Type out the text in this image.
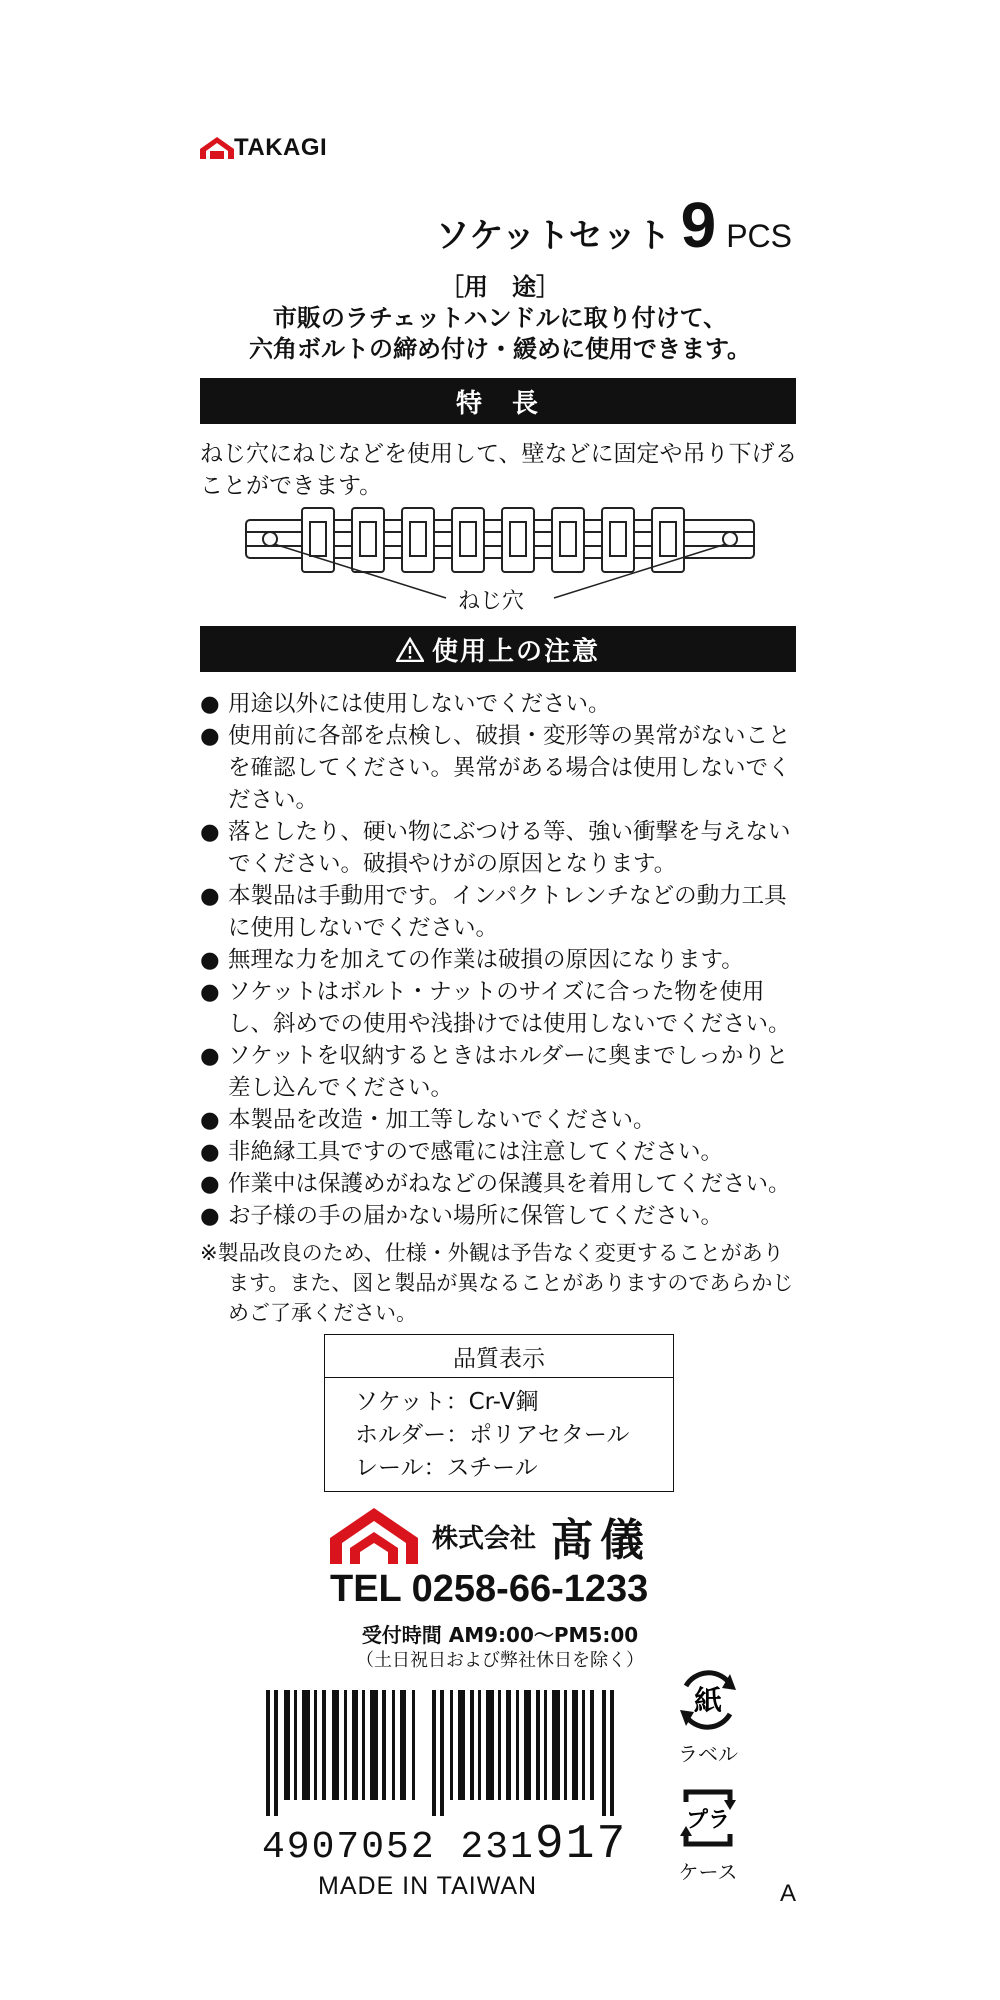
TAKAGI
ソケットセット 9 PCS
［用　途］
市販のラチェットハンドルに取り付けて、
六角ボルトの締め付け・緩めに使用できます。
特　長
ねじ穴にねじなどを使用して、壁などに固定や吊り下げることができます。
ねじ穴
使用上の注意
● 用途以外には使用しないでください。
● 使用前に各部を点検し、破損・変形等の異常がないことを確認してください。異常がある場合は使用しないでください。
● 落としたり、硬い物にぶつける等、強い衝撃を与えないでください。破損やけがの原因となります。
● 本製品は手動用です。インパクトレンチなどの動力工具に使用しないでください。
● 無理な力を加えての作業は破損の原因になります。
● ソケットはボルト・ナットのサイズに合った物を使用し、斜めでの使用や浅掛けでは使用しないでください。
● ソケットを収納するときはホルダーに奥までしっかりと差し込んでください。
● 本製品を改造・加工等しないでください。
● 非絶縁工具ですので感電には注意してください。
● 作業中は保護めがねなどの保護具を着用してください。
● お子様の手の届かない場所に保管してください。
※製品改良のため、仕様・外観は予告なく変更することがあります。また、図と製品が異なることがありますのであらかじめご了承ください。
品質表示
ソケット：Cr-V鋼
ホルダー：ポリアセタール
レール：スチール
株式会社 髙儀
TEL 0258-66-1233
受付時間 AM9:00〜PM5:00
（土日祝日および弊社休日を除く）
4907052 231917
MADE IN TAIWAN
紙
ラベル
プラ
ケース
A
